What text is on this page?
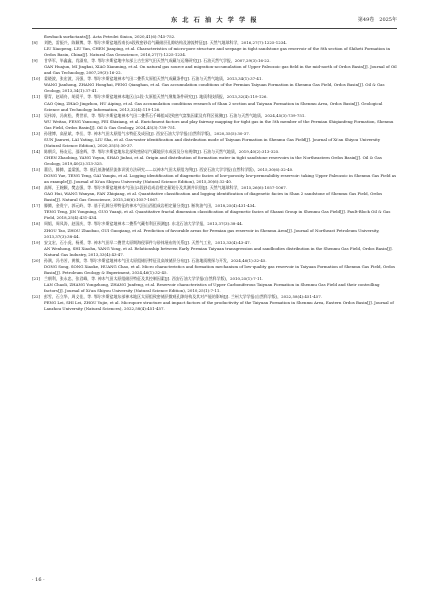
东 北 石 油 大 学 学 报	第49卷　2025年
flowback surfactants[J]. Acta Petrolei Sinica, 2020,41(6):745-752.
[8]	刘艳，雷振兴，陈颖博，等. 鄂尔多斯盆地西南长8段致密砂岩气藏储层孔隙结构及渗流特征[J]. 天然气地球科学，2016,27(7):1225-1234.
LIU Xiaopeng, LIU Yan, CHEN Jianping, et al. Characteristics of micro-pore structure and seepage in tight sandstone gas reservoir of the 8th section of Shiheti Formation in Ordos Basin, China[J]. Natural Gas Geoscience, 2016,27(7):1225-1234.
[9]	甘华军，毕鑫鑫，肖淑泉，等. 鄂尔多斯盆地中东部上古生界气田天然气成藏与运聚研究[J]. 石油天然气学报，2007,29(3):16-22.
GAN Huajun, MI Jingkui, XIAO Xianming, et al. On natural gas source and migration-accumulation of Upper Paleozoic gas field in the mid-north of Ordos Basin[J]. Journal of Oil and Gas Technology, 2007,29(3):16-22.
[10] 姜晓波，张宏波，冯强，等. 鄂尔多斯盆地神木气田二叠系太原组天然气成藏条件[J]. 石油与天然气地质，2013,34(1):37-41.
WANG Jianhong, ZHANG Honghai, FENG Qianghan, et al. Gas accumulation conditions of the Permian Taiyuan Formation in Shenmu Gas Field, Ordos Basin[J]. Oil & Gas Geology, 2013,34(1):37-41.
[11] 曹青，赵靖舟，胡爱平，等. 鄂尔多斯盆地神木地区山2段-太原组天然气聚集条件研究[J]. 地质科技情报，2013,32(4):119-126.
CAO Qing, ZHAO Jingzhou, HU Aiping, et al. Gas accumulation conditions research of Shan 2 section and Taiyuan Formation in Shenmu Area, Ordos Basin[J]. Geological Science and Technology Information, 2013,32(4):119-126.
[12] 吴伟涛，冯寅松，费世祥，等. 鄂尔多斯盆地神木气田二叠系石千峰组5段致密气富集因素及有利区预测[J]. 石油与天然气地质，2024,45(3):739-751.
WU Weitao, FENG Yansong, FEI Shixiang, et al. Enrichment factors and play fairway mapping for tight gas in the 5th member of the Permian Shiqianfeng Formation, Shenmu Gas Field, Ordos Basin[J]. Oil & Gas Geology, 2024,45(3):739-751.
[13] 孙建博，高星斌，李岳，等. 神木气田太原组气水特征及成因[J]. 西安石油大学学报(自然科学版)，2020,35(5):30-37.
SUN Jianwei, LAI Yating, LIU Sha, et al. Gas-water identification and distribution mode of Taiyuan Formation in Shenmu Gas Field[J]. Journal of Xi'an Shiyou University (Natural Science Edition), 2020,35(5):30-37.
[14] 陈朝兵，杨友运，邵金辉，等. 鄂尔多斯盆地东北部致密砂岩气藏地层水成因及分布规律[J]. 石油与天然气地质，2019,40(2):313-325.
CHEN Zhaobing, YANG Yoyun, SHAO Jinhui, et al. Origin and distribution of formation water in tight sandstone reservoirs in the Northeastern Ordos Basin[J]. Oil & Gas Geology, 2019,40(2):313-325.
[15] 董岳，滕腾，盖梁凯，等. 低孔低渗储层流体识别方法研究——以神木气田太原组为例[J]. 西安石油大学学报(自然科学版)，2015,30(6):32-40.
DONG Yue, TENG Teng, GAI Yanqiu, et al. Logging identification of diagenetic facies of low-porosity low-permeability reservoir: taking Upper Paleozoic in Shenmu Gas Field as an example[J]. Journal of Xi'an Shiyou University (Natural Science Edition), 2015,30(6):32-40.
[16] 高辉，王婉颖，樊志强，等. 鄂尔多斯盆地神木气田山2段砂岩成岩相定量划分及其测井识别[J]. 天然气地球科学，2015,26(6):1057-1067.
GAO Hui, WANG Wanyan, FAN Zhiqiang, et al. Quantitative classification and logging identification of diagenetic facies in Shan 2 sandstone of Shenmu Gas Field, Ordos Basin[J]. Natural Gas Geoscience, 2015,26(6):1057-1067.
[17] 滕腾，金贵宁，郭元岭，等. 基于孔隙分形特征的神木气田山西组成岩相定量分类[J]. 断块油气田，2018,25(4):431-434.
TENG Teng, JIN Yongning, GUO Yuanji, et al. Quantitative fractal dimension classification of diagenetic facies of Shanxi Group in Shenmu Gas Field[J]. Fault-Block Oil & Gas Field, 2018,25(4):431-434.
[18] 周韬，周凤涛，赵国庆，等. 鄂尔多斯盆地神木二叠系气藏有利区预测[J]. 东北石油大学学报，2013,37(3):38-44.
ZHOU Tao, ZHOU Zhaobao, GUI Guoqiang, et al. Prediction of favorable areas for Permian gas reservoir in Shenmu Area[J]. Journal of Northeast Petroleum University, 2013,37(3):38-44.
[19] 安文宏，石小虎，杨勇，等. 神木气田早二叠世太原期海侵事件与砂体展布的关系[J]. 天然气工业，2013,33(4):43-47.
AN Wenhong, SHI Xiaohu, YANG Yong, et al. Relationship between Early Permian Taiyuan transgression and sandbodies distribution in the Shenmu Gas Field, Ordos Basin[J]. Natural Gas Industry, 2013,33(4):43-47.
[20] 孙满，冯书芳，黄敏，等. 鄂尔多斯盆地神木气田太原组储层特征及高效储层分布[J]. 石油地质勘探与开发，2024,46(1):32-45.
DONG Song, SONG Xiaoke, HUANG Chao, et al. Micro characteristics and formation mechanism of low-quality gas reservoir in Taiyuan Formation of Shenmu Gas Field, Ordos Basin[J]. Petroleum Geology & Experiment, 2024,46(1):32-45.
[21] 兰朝利，张永忠，张君峰，等. 神木气田太原组储层特征及其控制因素[J]. 西安石油大学学报(自然科学版)，2010,25(1):7-11.
LAN Chaoli, ZHANG Yongzhong, ZHANG Junfeng, et al. Reservoir characteristics of Upper Carboniferous Taiyuan Formation in Shenmu Gas Field and their controlling factors[J]. Journal of Xi'an Shiyou University (Natural Science Edition), 2010,25(1):7-11.
[22] 彭雪，石立华，周义佳，等. 鄂尔多斯盆地东部神木地区太原组致密储层微观孔隙结构及其对产能的影响[J]. 兰州大学学报(自然科学版)，2022,58(4):451-457.
PENG Lei, SHI Lei, ZHOU Yujie, et al. Micropore structure and impact factors of the productivity of the Taiyuan Formation in Shenmu Area, Eastern Ordos Basin[J]. Journal of Lanzhou University (Natural Sciences), 2022,58(4):451-457.
· 16 ·
